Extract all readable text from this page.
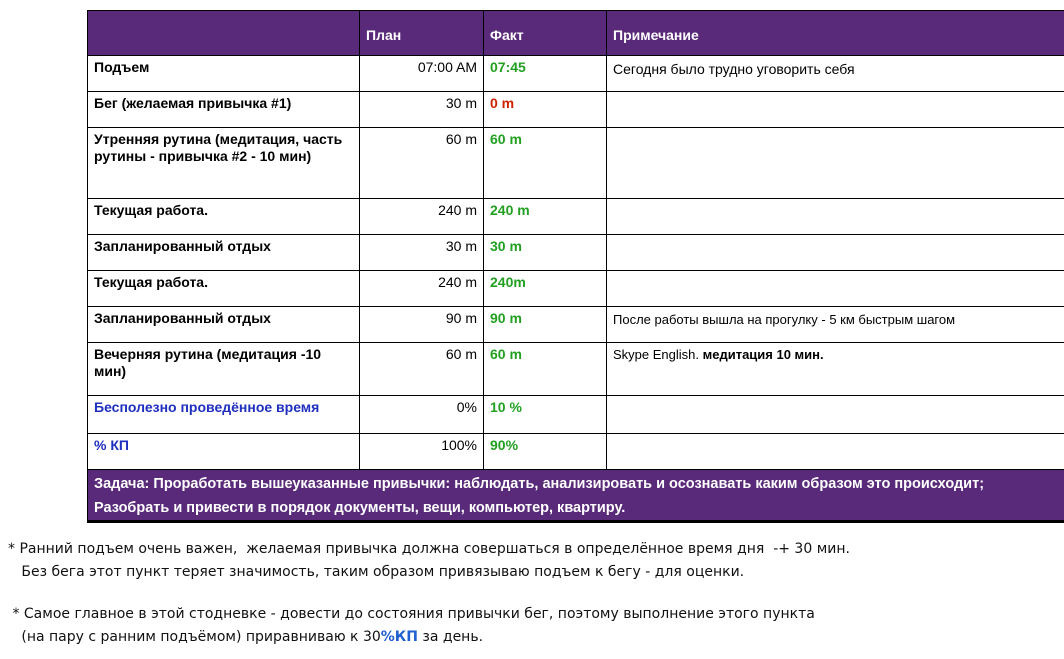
	План	Факт	Примечание
Подъем	07:00 AM	07:45	Сегодня было трудно уговорить себя
Бег (желаемая привычка #1)	30 m	0 m	
Утренняя рутина (медитация, часть рутины - привычка #2 - 10 мин)	60 m	60 m	
Текущая работа.	240 m	240 m	
Запланированный отдых	30 m	30 m	
Текущая работа.	240 m	240m	
Запланированный отдых	90 m	90 m	После работы вышла на прогулку - 5 км быстрым шагом
Вечерняя рутина (медитация -10 мин)	60 m	60 m	Skype English. медитация 10 мин.
Бесполезно проведённое время	0%	10 %	
% КП	100%	90%	
Задача: Проработать вышеуказанные привычки: наблюдать, анализировать и осознавать каким образом это происходит; Разобрать и привести в порядок документы, вещи, компьютер, квартиру.			

* Ранний подъем очень важен,  желаемая привычка должна совершаться в определённое время дня  -+ 30 мин.

Без бега этот пункт теряет значимость, таким образом привязываю подъем к бегу - для оценки.

* Самое главное в этой стодневке - довести до состояния привычки бег, поэтому выполнение этого пункта

(на пару с ранним подъёмом) приравниваю к 30%КП за день.
